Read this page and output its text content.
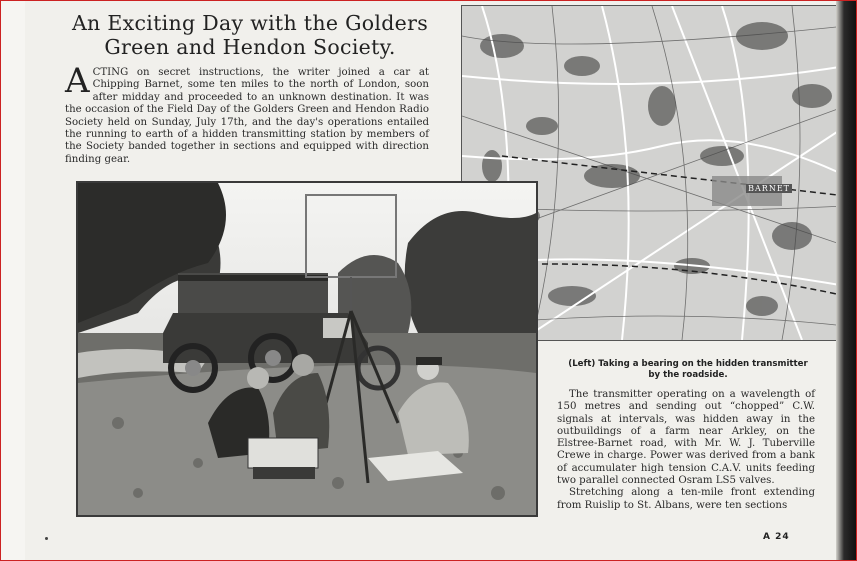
An Exciting Day with the Golders
Green and Hendon Society.
ACTING on secret instructions, the writer joined a car at Chipping Barnet, some ten miles to the north of London, soon after midday and proceeded to an unknown destination. It was the occasion of the Field Day of the Golders Green and Hendon Radio Society held on Sunday, July 17th, and the day's operations entailed the running to earth of a hidden transmitting station by members of the Society banded together in sections and equipped with direction finding gear.
BARNET
(Left) Taking a bearing on the hidden transmitter by the roadside.

The transmitter operating on a wavelength of 150 metres and sending out “chopped” C.W. signals at intervals, was hidden away in the outbuildings of a farm near Arkley, on the Elstree-Barnet road, with Mr. W. J. Tuberville Crewe in charge. Power was derived from a bank of accumulater high tension C.A.V. units feeding two parallel connected Osram LS5 valves.

Stretching along a ten-mile front extending from Ruislip to St. Albans, were ten sections

A 24
